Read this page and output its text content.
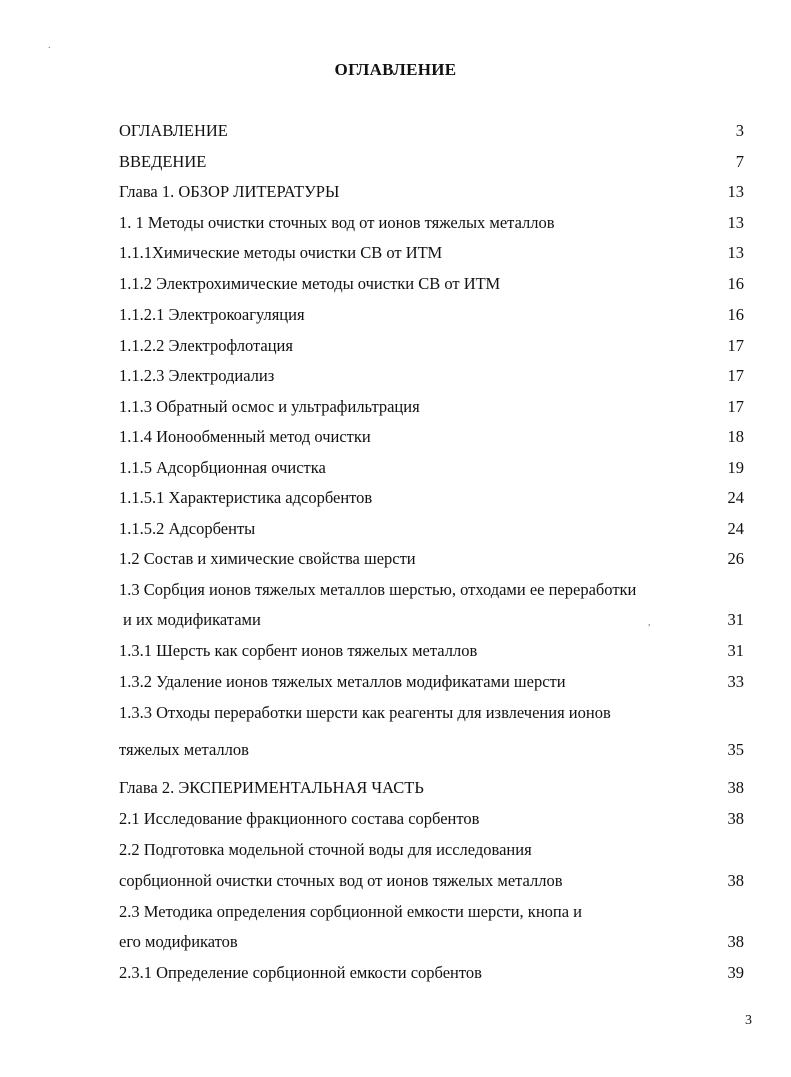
.
,
ОГЛАВЛЕНИЕ
ОГЛАВЛЕНИЕ	3
ВВЕДЕНИЕ	7
Глава 1. ОБЗОР ЛИТЕРАТУРЫ	13
1. 1 Методы очистки сточных вод от ионов тяжелых металлов	13
1.1.1Химические методы очистки СВ от ИТМ	13
1.1.2 Электрохимические методы очистки СВ от ИТМ	16
1.1.2.1 Электрокоагуляция	16
1.1.2.2 Электрофлотация	17
1.1.2.3 Электродиализ	17
1.1.3 Обратный осмос и ультрафильтрация	17
1.1.4 Ионообменный метод очистки	18
1.1.5 Адсорбционная очистка	19
1.1.5.1 Характеристика адсорбентов	24
1.1.5.2 Адсорбенты	24
1.2 Состав и химические свойства шерсти	26
1.3 Сорбция ионов тяжелых металлов шерстью, отходами ее переработки
и их модификатами	31
1.3.1 Шерсть как сорбент ионов тяжелых металлов	31
1.3.2 Удаление ионов тяжелых металлов модификатами шерсти	33
1.3.3 Отходы переработки шерсти как реагенты для извлечения ионов
тяжелых металлов	35
Глава 2. ЭКСПЕРИМЕНТАЛЬНАЯ ЧАСТЬ	38
2.1 Исследование фракционного состава сорбентов	38
2.2 Подготовка модельной сточной воды для исследования
сорбционной очистки сточных вод от ионов тяжелых металлов	38
2.3 Методика определения сорбционной емкости шерсти, кнопа и
его модификатов	38
2.3.1 Определение сорбционной емкости сорбентов	39
3
